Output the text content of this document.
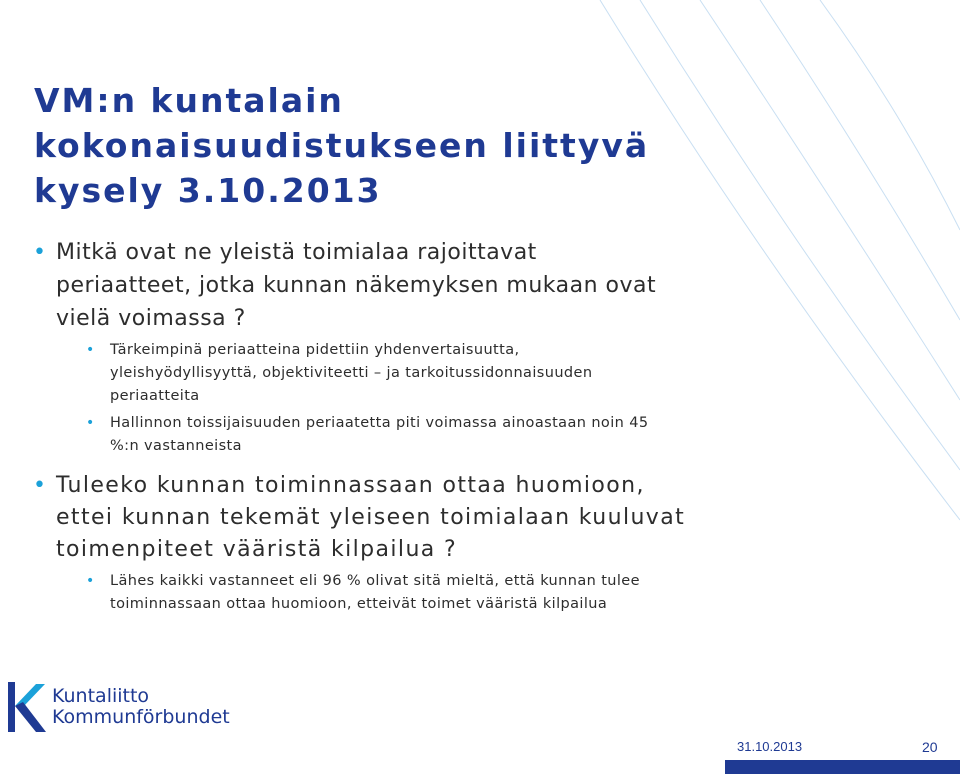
VM:n kuntalain
kokonaisuudistukseen liittyvä
kysely 3.10.2013
• Mitkä ovat ne yleistä toimialaa rajoittavat
periaatteet, jotka kunnan näkemyksen mukaan ovat
vielä voimassa ?
• Tärkeimpinä periaatteina pidettiin yhdenvertaisuutta,
yleishyödyllisyyttä, objektiviteetti – ja tarkoitussidonnaisuuden
periaatteita
• Hallinnon toissijaisuuden periaatetta piti voimassa ainoastaan noin 45
%:n vastanneista
• Tuleeko kunnan toiminnassaan ottaa huomioon,
ettei kunnan tekemät yleiseen toimialaan kuuluvat
toimenpiteet vääristä kilpailua ?
• Lähes kaikki vastanneet eli 96 % olivat sitä mieltä, että kunnan tulee
toiminnassaan ottaa huomioon, etteivät toimet vääristä kilpailua
Kuntaliitto
Kommunförbundet
31.10.2013	20
